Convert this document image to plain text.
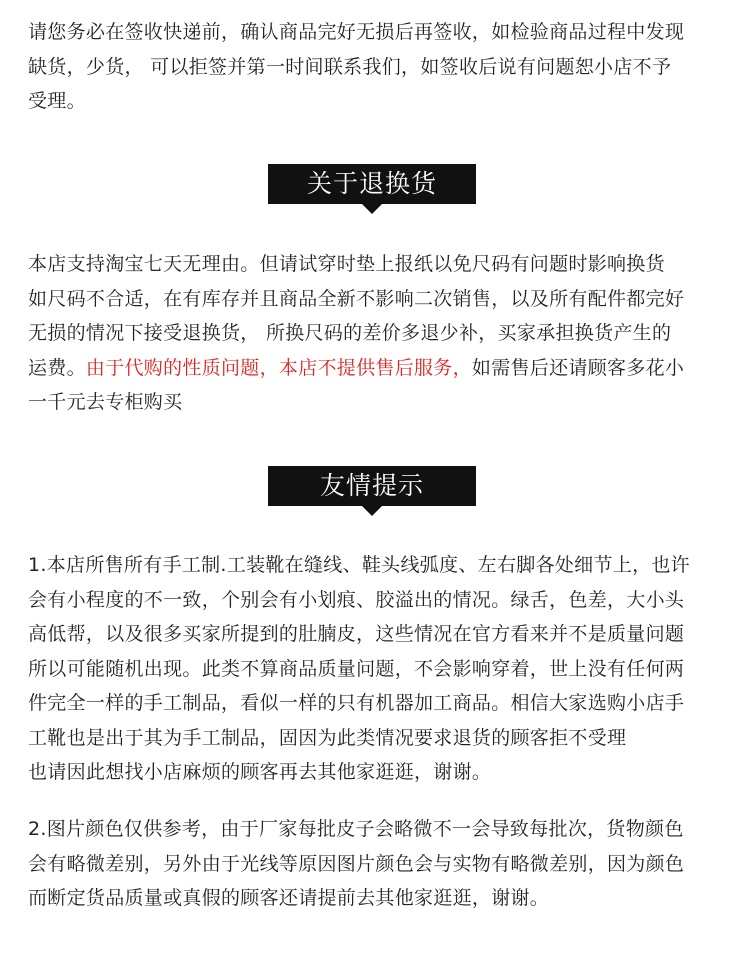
请您务必在签收快递前，确认商品完好无损后再签收，如检验商品过程中发现
缺货，少货， 可以拒签并第一时间联系我们，如签收后说有问题恕小店不予
受理。
关于退换货
本店支持淘宝七天无理由。但请试穿时垫上报纸以免尺码有问题时影响换货
如尺码不合适，在有库存并且商品全新不影响二次销售，以及所有配件都完好
无损的情况下接受退换货， 所换尺码的差价多退少补，买家承担换货产生的
运费。由于代购的性质问题，本店不提供售后服务，如需售后还请顾客多花小
一千元去专柜购买
友情提示
1.本店所售所有手工制.工装靴在缝线、鞋头线弧度、左右脚各处细节上，也许
会有小程度的不一致，个别会有小划痕、胶溢出的情况。绿舌，色差，大小头
高低帮，以及很多买家所提到的肚腩皮，这些情况在官方看来并不是质量问题
所以可能随机出现。此类不算商品质量问题，不会影响穿着，世上没有任何两
件完全一样的手工制品，看似一样的只有机器加工商品。相信大家选购小店手
工靴也是出于其为手工制品，固因为此类情况要求退货的顾客拒不受理
也请因此想找小店麻烦的顾客再去其他家逛逛，谢谢。
2.图片颜色仅供参考，由于厂家每批皮子会略微不一会导致每批次，货物颜色
会有略微差别，另外由于光线等原因图片颜色会与实物有略微差别，因为颜色
而断定货品质量或真假的顾客还请提前去其他家逛逛，谢谢。
